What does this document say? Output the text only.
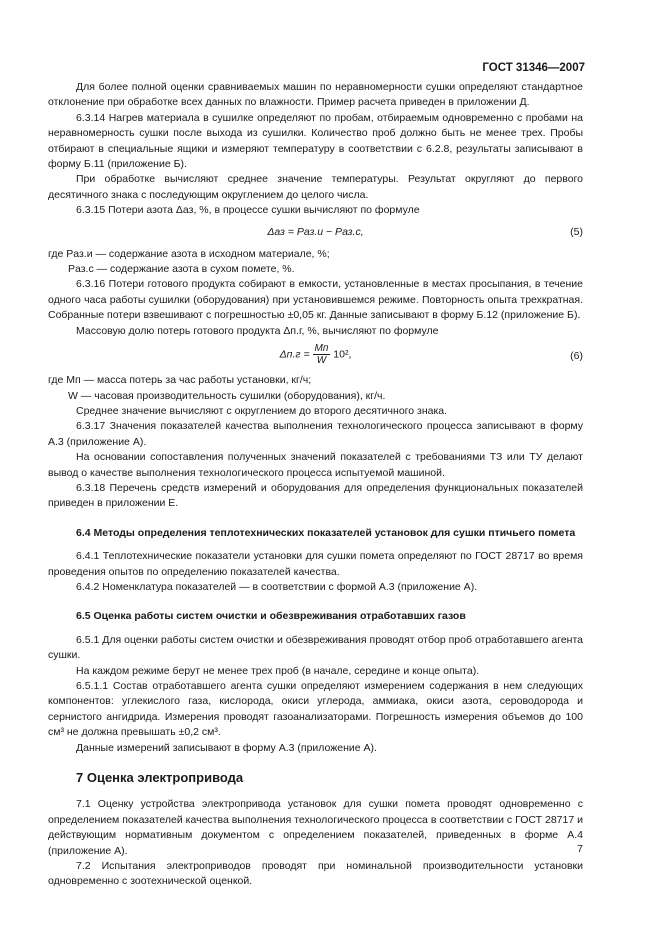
ГОСТ 31346—2007

Для более полной оценки сравниваемых машин по неравномерности сушки определяют стандартное отклонение при обработке всех данных по влажности. Пример расчета приведен в приложении Д.

6.3.14 Нагрев материала в сушилке определяют по пробам, отбираемым одновременно с пробами на неравномерность сушки после выхода из сушилки. Количество проб должно быть не менее трех. Пробы отбирают в специальные ящики и измеряют температуру в соответствии с 6.2.8, результаты записывают в форму Б.11 (приложение Б).

При обработке вычисляют среднее значение температуры. Результат округляют до первого десятичного знака с последующим округлением до целого числа.

6.3.15 Потери азота Δаз, %, в процессе сушки вычисляют по формуле

Δаз = Pаз.и − Pаз.с,	(5)

где Pаз.и — содержание азота в исходном материале, %;

Pаз.с — содержание азота в сухом помете, %.

6.3.16 Потери готового продукта собирают в емкости, установленные в местах просыпания, в течение одного часа работы сушилки (оборудования) при установившемся режиме. Повторность опыта трехкратная. Собранные потери взвешивают с погрешностью ±0,05 кг. Данные записывают в форму Б.12 (приложение Б).

Массовую долю потерь готового продукта Δп.г, %, вычисляют по формуле

$\Delta п.г = \frac{Mп}{W} 10^2$,	(6)

где Mп — масса потерь за час работы установки, кг/ч;

W — часовая производительность сушилки (оборудования), кг/ч.

Среднее значение вычисляют с округлением до второго десятичного знака.

6.3.17 Значения показателей качества выполнения технологического процесса записывают в форму А.3 (приложение А).

На основании сопоставления полученных значений показателей с требованиями ТЗ или ТУ делают вывод о качестве выполнения технологического процесса испытуемой машиной.

6.3.18 Перечень средств измерений и оборудования для определения функциональных показателей приведен в приложении Е.

6.4 Методы определения теплотехнических показателей установок для сушки птичьего помета

6.4.1 Теплотехнические показатели установки для сушки помета определяют по ГОСТ 28717 во время проведения опытов по определению показателей качества.

6.4.2 Номенклатура показателей — в соответствии с формой А.3 (приложение А).

6.5 Оценка работы систем очистки и обезвреживания отработавших газов

6.5.1 Для оценки работы систем очистки и обезвреживания проводят отбор проб отработавшего агента сушки.

На каждом режиме берут не менее трех проб (в начале, середине и конце опыта).

6.5.1.1 Состав отработавшего агента сушки определяют измерением содержания в нем следующих компонентов: углекислого газа, кислорода, окиси углерода, аммиака, окиси азота, сероводорода и сернистого ангидрида. Измерения проводят газоанализаторами. Погрешность измерения объемов до 100 см³ не должна превышать ±0,2 см³.

Данные измерений записывают в форму А.3 (приложение А).

7 Оценка электропривода

7.1 Оценку устройства электропривода установок для сушки помета проводят одновременно с определением показателей качества выполнения технологического процесса в соответствии с ГОСТ 28717 и действующим нормативным документом с определением показателей, приведенных в форме А.4 (приложение А).

7.2 Испытания электроприводов проводят при номинальной производительности установки одновременно с зоотехнической оценкой.

7
